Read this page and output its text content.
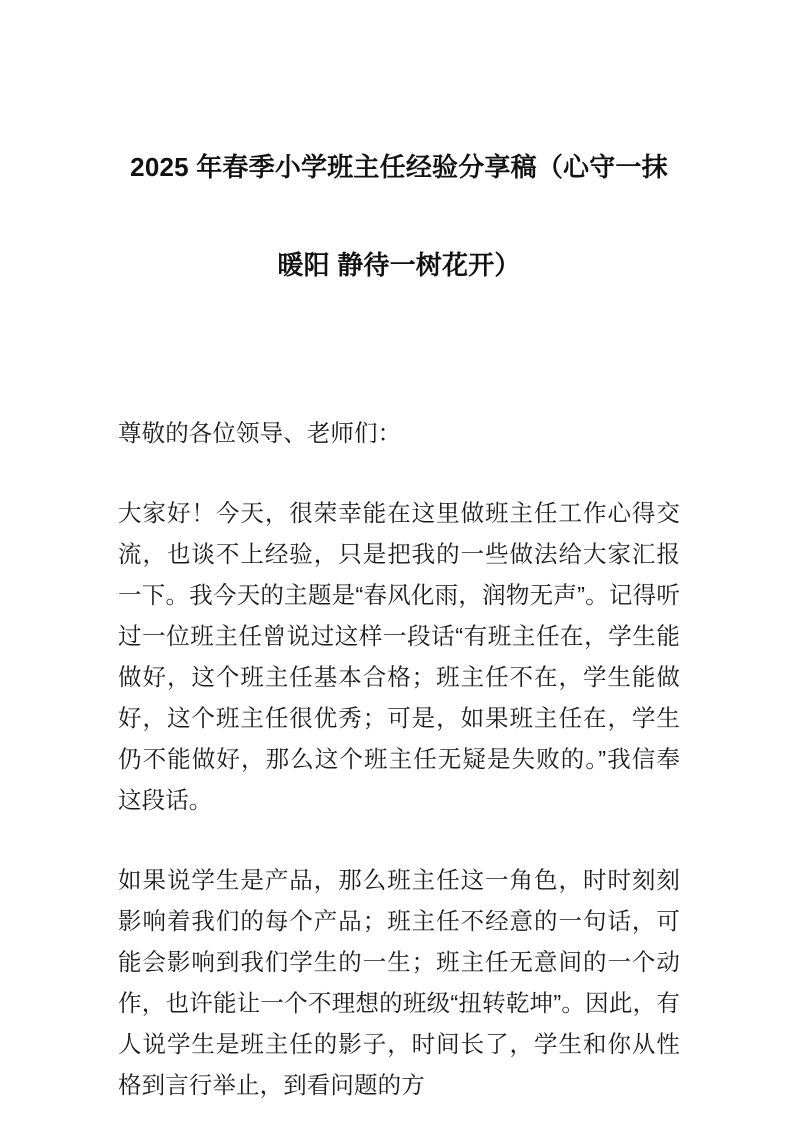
2025 年春季小学班主任经验分享稿（心守一抹暖阳 静待一树花开）

尊敬的各位领导、老师们：

大家好！今天，很荣幸能在这里做班主任工作心得交流，也谈不上经验，只是把我的一些做法给大家汇报一下。我今天的主题是“春风化雨，润物无声”。记得听过一位班主任曾说过这样一段话“有班主任在，学生能做好，这个班主任基本合格；班主任不在，学生能做好，这个班主任很优秀；可是，如果班主任在，学生仍不能做好，那么这个班主任无疑是失败的。”我信奉这段话。

如果说学生是产品，那么班主任这一角色，时时刻刻影响着我们的每个产品；班主任不经意的一句话，可能会影响到我们学生的一生；班主任无意间的一个动作，也许能让一个不理想的班级“扭转乾坤”。因此，有人说学生是班主任的影子，时间长了，学生和你从性格到言行举止，到看问题的方
